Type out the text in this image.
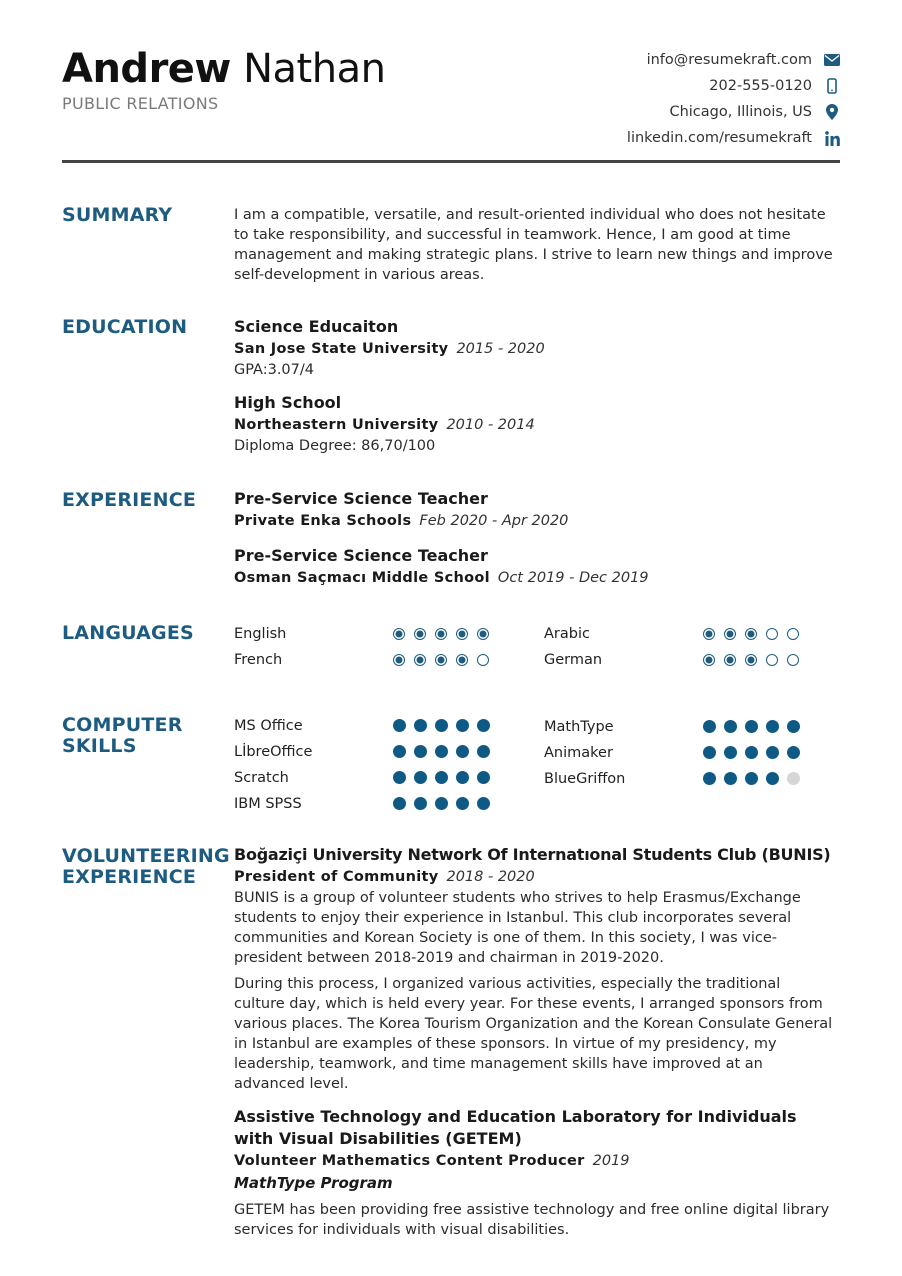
Andrew Nathan
PUBLIC RELATIONS
info@resumekraft.com
202-555-0120
Chicago, Illinois, US
linkedin.com/resumekraft
SUMMARY	I am a compatible, versatile, and result-oriented individual who does not hesitate to take responsibility, and successful in teamwork. Hence, I am good at time management and making strategic plans. I strive to learn new things and improve self-development in various areas.

EDUCATION	Science Educaiton
San Jose State University 2015 - 2020
GPA:3.07/4
High School
Northeastern University 2010 - 2014
Diploma Degree: 86,70/100
EXPERIENCE	Pre-Service Science Teacher
Private Enka Schools Feb 2020 - Apr 2020
Pre-Service Science Teacher
Osman Saçmacı Middle School Oct 2019 - Dec 2019
LANGUAGES	English	Arabic
French	German
COMPUTER
SKILLS
MS Office	MathType
LİbreOffice	Animaker
Scratch	BlueGriffon
IBM SPSS
VOLUNTEERING
EXPERIENCE
Boğaziçi University Network Of Internatıonal Students Club (BUNIS)
President of Community 2018 - 2020

BUNIS is a group of volunteer students who strives to help Erasmus/Exchange students to enjoy their experience in Istanbul. This club incorporates several communities and Korean Society is one of them. In this society, I was vice-president between 2018-2019 and chairman in 2019-2020.

During this process, I organized various activities, especially the traditional culture day, which is held every year. For these events, I arranged sponsors from various places. The Korea Tourism Organization and the Korean Consulate General in Istanbul are examples of these sponsors. In virtue of my presidency, my leadership, teamwork, and time management skills have improved at an advanced level.

Assistive Technology and Education Laboratory for Individuals with Visual Disabilities (GETEM)
Volunteer Mathematics Content Producer 2019
MathType Program

GETEM has been providing free assistive technology and free online digital library services for individuals with visual disabilities.
